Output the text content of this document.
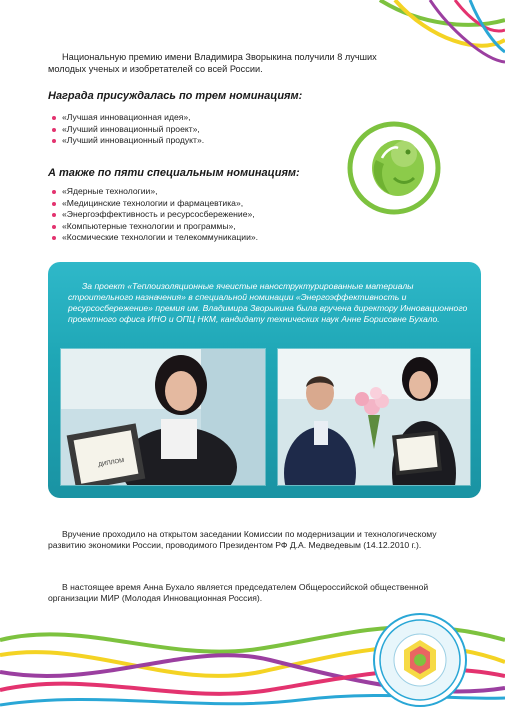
Национальную премию имени Владимира Зворыкина получили 8 лучших молодых ученых и изобретателей со всей России.

Награда присуждалась по трем номинациям:
«Лучшая инновационная идея»,
«Лучший инновационный проект»,
«Лучший инновационный продукт».
А также по пяти специальным номинациям:
«Ядерные технологии»,
«Медицинские технологии и фармацевтика»,
«Энергоэффективность и ресурсосбережение»,
«Компьютерные технологии и программы»,
«Космические технологии и телекоммуникации».

За проект «Теплоизоляционные ячеистые наноструктурированные материалы строительного назначения» в специальной номинации «Энергоэффективность и ресурсосбережение» премия им. Владимира Зворыкина была вручена директору Инновационного проектного офиса ИНО и ОПЦ НКМ, кандидату технических наук Анне Борисовне Бухало.

ДИПЛОМ

Вручение проходило на открытом заседании Комиссии по модернизации и технологическому развитию экономики России, проводимого Президентом РФ Д.А. Медведевым (14.12.2010 г.).

В настоящее время Анна Бухало является председателем Общероссийской общественной организации МИР (Молодая Инновационная Россия).
